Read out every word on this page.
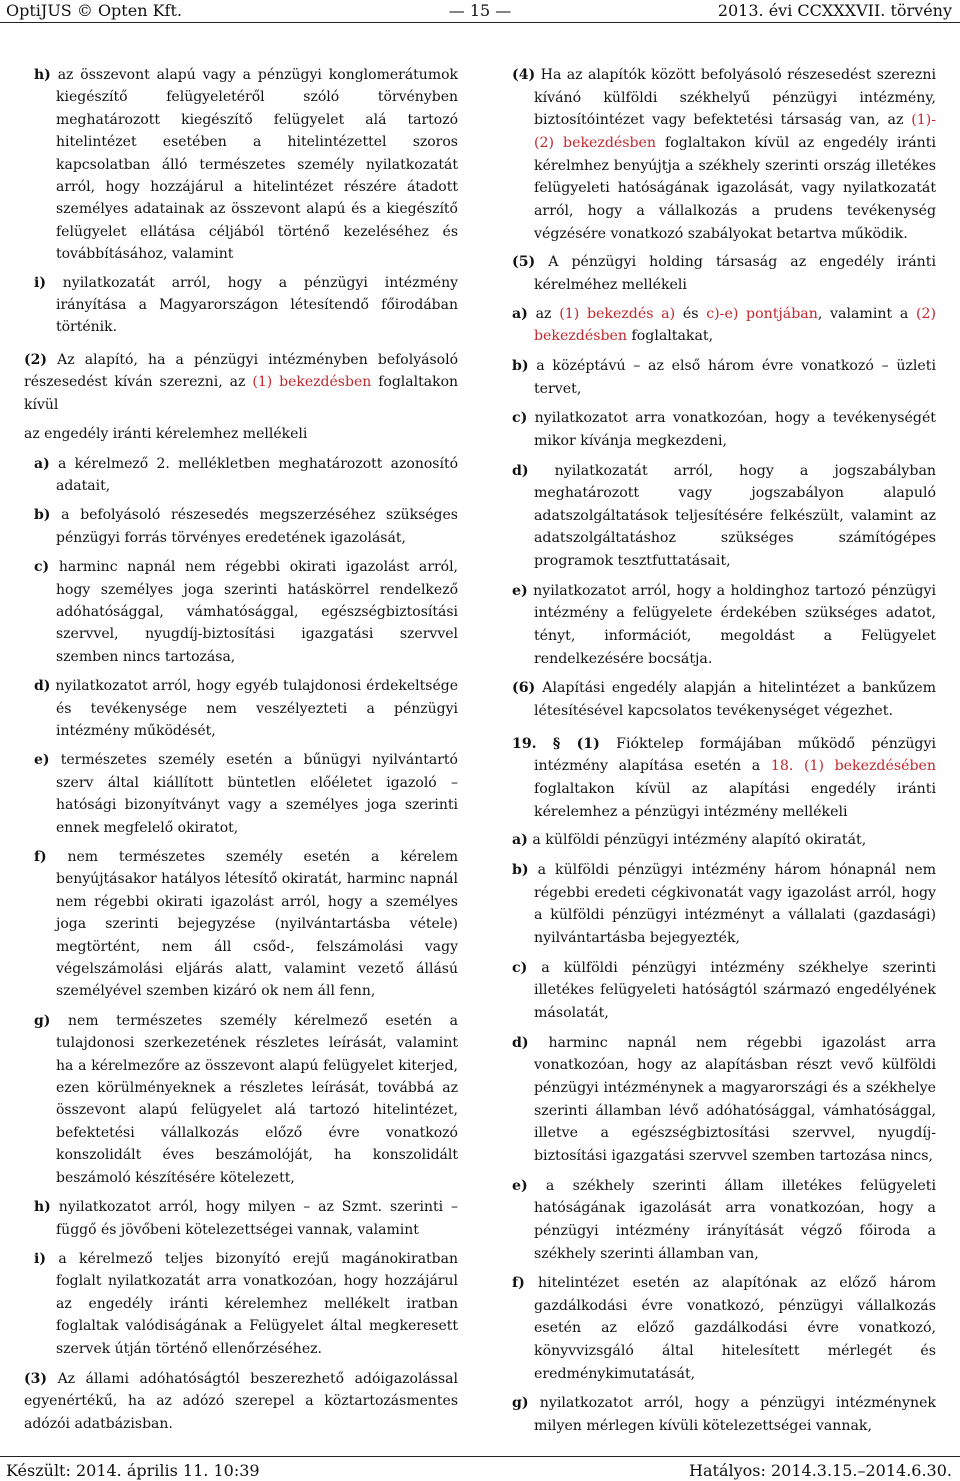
OptiJUS © Opten Kft.	— 15 —	2013. évi CCXXXVII. törvény

h) az összevont alapú vagy a pénzügyi konglomerátumok kiegészítő felügyeletéről szóló törvényben meghatározott kiegészítő felügyelet alá tartozó hitelintézet esetében a hitelintézettel szoros kapcsolatban álló természetes személy nyilatkozatát arról, hogy hozzájárul a hitelintézet részére átadott személyes adatainak az összevont alapú és a kiegészítő felügyelet ellátása céljából történő kezeléséhez és továbbításához, valamint

i) nyilatkozatát arról, hogy a pénzügyi intézmény irányítása a Magyarországon létesítendő főirodában történik.

(2) Az alapító, ha a pénzügyi intézményben befolyásoló részesedést kíván szerezni, az (1) bekezdésben foglaltakon kívül

az engedély iránti kérelemhez mellékeli

a) a kérelmező 2. mellékletben meghatározott azonosító adatait,

b) a befolyásoló részesedés megszerzéséhez szükséges pénzügyi forrás törvényes eredetének igazolását,

c) harminc napnál nem régebbi okirati igazolást arról, hogy személyes joga szerinti hatáskörrel rendelkező adóhatósággal, vámhatósággal, egészségbiztosítási szervvel, nyugdíj-biztosítási igazgatási szervvel szemben nincs tartozása,

d) nyilatkozatot arról, hogy egyéb tulajdonosi érdekeltsége és tevékenysége nem veszélyezteti a pénzügyi intézmény működését,

e) természetes személy esetén a bűnügyi nyilvántartó szerv által kiállított büntetlen előéletet igazoló – hatósági bizonyítványt vagy a személyes joga szerinti ennek megfelelő okiratot,

f) nem természetes személy esetén a kérelem benyújtásakor hatályos létesítő okiratát, harminc napnál nem régebbi okirati igazolást arról, hogy a személyes joga szerinti bejegyzése (nyilvántartásba vétele) megtörtént, nem áll csőd-, felszámolási vagy végelszámolási eljárás alatt, valamint vezető állású személyével szemben kizáró ok nem áll fenn,

g) nem természetes személy kérelmező esetén a tulajdonosi szerkezetének részletes leírását, valamint ha a kérelmezőre az összevont alapú felügyelet kiterjed, ezen körülményeknek a részletes leírását, továbbá az összevont alapú felügyelet alá tartozó hitelintézet, befektetési vállalkozás előző évre vonatkozó konszolidált éves beszámolóját, ha konszolidált beszámoló készítésére kötelezett,

h) nyilatkozatot arról, hogy milyen – az Szmt. szerinti – függő és jövőbeni kötelezettségei vannak, valamint

i) a kérelmező teljes bizonyító erejű magánokiratban foglalt nyilatkozatát arra vonatkozóan, hogy hozzájárul az engedély iránti kérelemhez mellékelt iratban foglaltak valódiságának a Felügyelet által megkeresett szervek útján történő ellenőrzéséhez.

(3) Az állami adóhatóságtól beszerezhető adóigazolással egyenértékű, ha az adózó szerepel a köztartozásmentes adózói adatbázisban.

(4) Ha az alapítók között befolyásoló részesedést szerezni kívánó külföldi székhelyű pénzügyi intézmény, biztosítóintézet vagy befektetési társaság van, az (1)-(2) bekezdésben foglaltakon kívül az engedély iránti kérelmhez benyújtja a székhely szerinti ország illetékes felügyeleti hatóságának igazolását, vagy nyilatkozatát arról, hogy a vállalkozás a prudens tevékenység végzésére vonatkozó szabályokat betartva működik.

(5) A pénzügyi holding társaság az engedély iránti kérelméhez mellékeli

a) az (1) bekezdés a) és c)-e) pontjában, valamint a (2) bekezdésben foglaltakat,

b) a középtávú – az első három évre vonatkozó – üzleti tervet,

c) nyilatkozatot arra vonatkozóan, hogy a tevékenységét mikor kívánja megkezdeni,

d) nyilatkozatát arról, hogy a jogszabályban meghatározott vagy jogszabályon alapuló adatszolgáltatások teljesítésére felkészült, valamint az adatszolgáltatáshoz szükséges számítógépes programok tesztfuttatásait,

e) nyilatkozatot arról, hogy a holdinghoz tartozó pénzügyi intézmény a felügyelete érdekében szükséges adatot, tényt, információt, megoldást a Felügyelet rendelkezésére bocsátja.

(6) Alapítási engedély alapján a hitelintézet a bankűzem létesítésével kapcsolatos tevékenységet végezhet.

19. § (1) Fióktelep formájában működő pénzügyi intézmény alapítása esetén a 18. (1) bekezdésében foglaltakon kívül az alapítási engedély iránti kérelemhez a pénzügyi intézmény mellékeli

a) a külföldi pénzügyi intézmény alapító okiratát,

b) a külföldi pénzügyi intézmény három hónapnál nem régebbi eredeti cégkivonatát vagy igazolást arról, hogy a külföldi pénzügyi intézményt a vállalati (gazdasági) nyilvántartásba bejegyezték,

c) a külföldi pénzügyi intézmény székhelye szerinti illetékes felügyeleti hatóságtól származó engedélyének másolatát,

d) harminc napnál nem régebbi igazolást arra vonatkozóan, hogy az alapításban részt vevő külföldi pénzügyi intézménynek a magyarországi és a székhelye szerinti államban lévő adóhatósággal, vámhatósággal, illetve a egészségbiztosítási szervvel, nyugdíj-biztosítási igazgatási szervvel szemben tartozása nincs,

e) a székhely szerinti állam illetékes felügyeleti hatóságának igazolását arra vonatkozóan, hogy a pénzügyi intézmény irányítását végző főiroda a székhely szerinti államban van,

f) hitelintézet esetén az alapítónak az előző három gazdálkodási évre vonatkozó, pénzügyi vállalkozás esetén az előző gazdálkodási évre vonatkozó, könyvvizsgáló által hitelesített mérlegét és eredménykimutatását,

g) nyilatkozatot arról, hogy a pénzügyi intézménynek milyen mérlegen kívüli kötelezettségei vannak,

Készült: 2014. április 11. 10:39	Hatályos: 2014.3.15.–2014.6.30.
